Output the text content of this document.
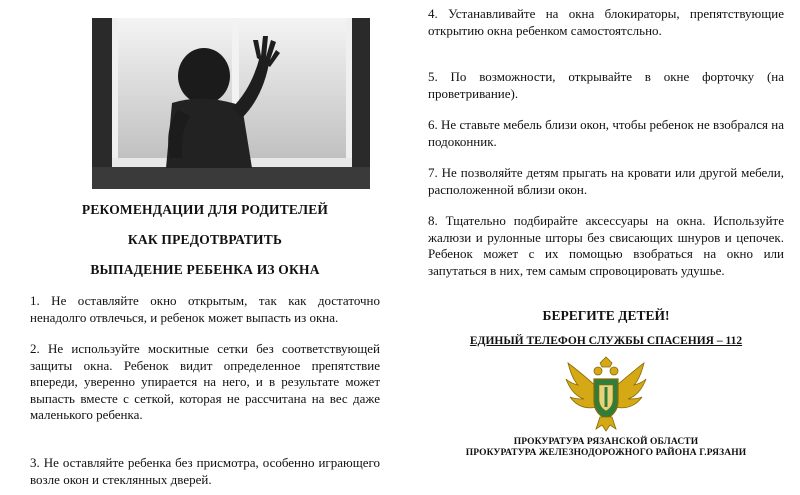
РЕКОМЕНДАЦИИ ДЛЯ РОДИТЕЛЕЙ
КАК ПРЕДОТВРАТИТЬ
ВЫПАДЕНИЕ РЕБЕНКА ИЗ ОКНА

1. Не оставляйте окно открытым, так как достаточно ненадолго отвлечься, и ребенок может выпасть из окна.

2. Не используйте москитные сетки без соответствующей защиты окна. Ребенок видит определенное препятствие впереди, уверенно упирается на него, и в результате может выпасть вместе с сеткой, которая не рассчитана на вес даже маленького ребенка.

3. Не оставляйте ребенка без присмотра, особенно играющего возле окон и стеклянных дверей.

4. Устанавливайте на окна блокираторы, препятствующие открытию окна ребенком самостоятсльно.

5. По возможности, открывайте в окне форточку (на проветривание).

6. Не ставьте мебель близи окон, чтобы ребенок не взобрался на подоконник.

7. Не позволяйте детям прыгать на кровати или другой мебели, расположенной вблизи окон.

8. Тщательно подбирайте аксессуары на окна. Используйте жалюзи и рулонные шторы без свисающих шнуров и цепочек. Ребенок может с их помощью взобраться на окно или запутаться в них, тем самым спровоцировать удушье.

БЕРЕГИТЕ ДЕТЕЙ!
ЕДИНЫЙ ТЕЛЕФОН СЛУЖБЫ СПАСЕНИЯ – 112
ПРОКУРАТУРА РЯЗАНСКОЙ ОБЛАСТИ
ПРОКУРАТУРА ЖЕЛЕЗНОДОРОЖНОГО РАЙОНА Г.РЯЗАНИ
